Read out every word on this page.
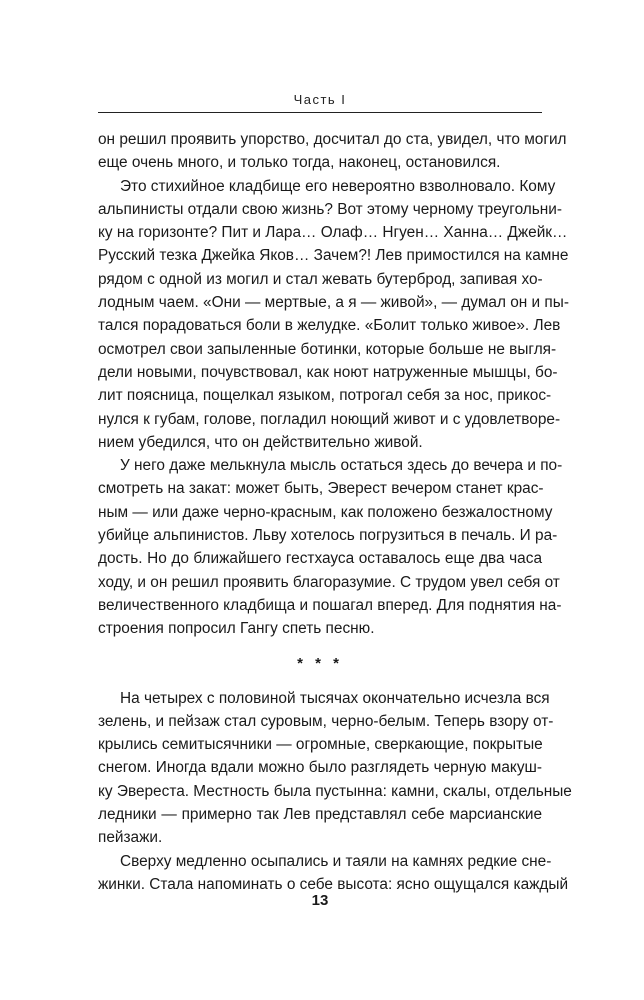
Часть I
он решил проявить упорство, досчитал до ста, увидел, что могил
еще очень много, и только тогда, наконец, остановился.
Это стихийное кладбище его невероятно взволновало. Кому
альпинисты отдали свою жизнь? Вот этому черному треугольни-
ку на горизонте? Пит и Лара… Олаф… Нгуен… Ханна… Джейк…
Русский тезка Джейка Яков… Зачем?! Лев примостился на камне
рядом с одной из могил и стал жевать бутерброд, запивая хо-
лодным чаем. «Они — мертвые, а я — живой», — думал он и пы-
тался порадоваться боли в желудке. «Болит только живое». Лев
осмотрел свои запыленные ботинки, которые больше не выгля-
дели новыми, почувствовал, как ноют натруженные мышцы, бо-
лит поясница, пощелкал языком, потрогал себя за нос, прикос-
нулся к губам, голове, погладил ноющий живот и с удовлетворе-
нием убедился, что он действительно живой.
У него даже мелькнула мысль остаться здесь до вечера и по-
смотреть на закат: может быть, Эверест вечером станет крас-
ным — или даже черно-красным, как положено безжалостному
убийце альпинистов. Льву хотелось погрузиться в печаль. И ра-
дость. Но до ближайшего гестхауса оставалось еще два часа
ходу, и он решил проявить благоразумие. С трудом увел себя от
величественного кладбища и пошагал вперед. Для поднятия на-
строения попросил Гангу спеть песню.
* * *
На четырех с половиной тысячах окончательно исчезла вся
зелень, и пейзаж стал суровым, черно-белым. Теперь взору от-
крылись семитысячники — огромные, сверкающие, покрытые
снегом. Иногда вдали можно было разглядеть черную макуш-
ку Эвереста. Местность была пустынна: камни, скалы, отдельные
ледники — примерно так Лев представлял себе марсианские
пейзажи.
Сверху медленно осыпались и таяли на камнях редкие сне-
жинки. Стала напоминать о себе высота: ясно ощущался каждый
13
